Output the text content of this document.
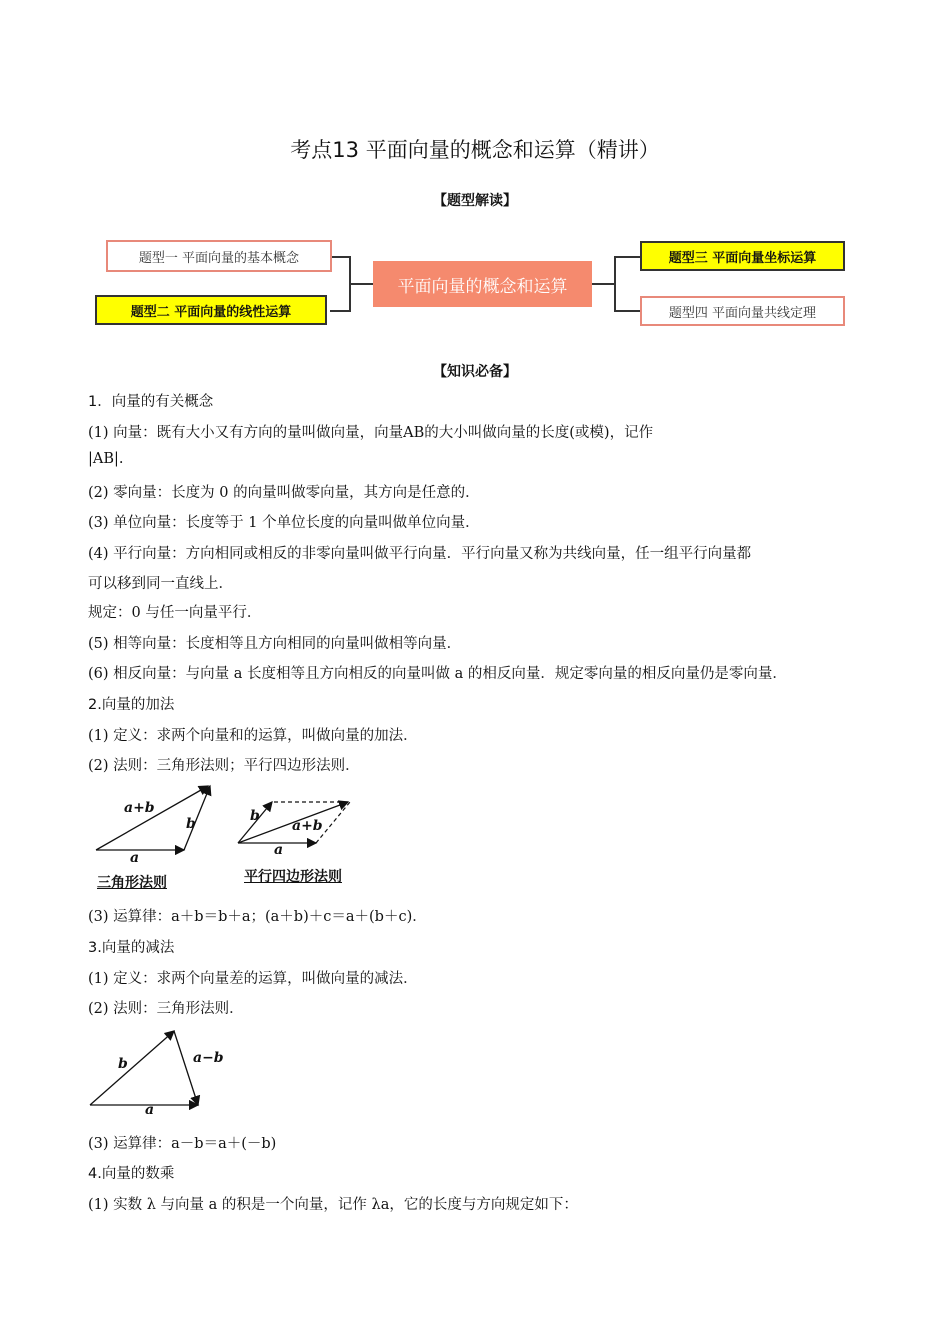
考点13 平面向量的概念和运算（精讲）
【题型解读】
题型一 平面向量的基本概念
题型二 平面向量的线性运算
平面向量的概念和运算
题型三 平面向量坐标运算
题型四 平面向量共线定理
【知识必备】
1．向量的有关概念
(1) 向量：既有大小又有方向的量叫做向量，向量AB的大小叫做向量的长度(或模)，记作
|AB|.
(2) 零向量：长度为 0 的向量叫做零向量，其方向是任意的．
(3) 单位向量：长度等于 1 个单位长度的向量叫做单位向量．
(4) 平行向量：方向相同或相反的非零向量叫做平行向量．平行向量又称为共线向量，任一组平行向量都
可以移到同一直线上．
规定：0 与任一向量平行．
(5) 相等向量：长度相等且方向相同的向量叫做相等向量．
(6) 相反向量：与向量 a 长度相等且方向相反的向量叫做 a 的相反向量．规定零向量的相反向量仍是零向量．
2.向量的加法
(1) 定义：求两个向量和的运算，叫做向量的加法．
(2) 法则：三角形法则；平行四边形法则．
a+b
b
a
三角形法则
b
a+b
a
平行四边形法则
(3) 运算律：a＋b＝b＋a；(a＋b)＋c＝a＋(b＋c)．
3.向量的减法
(1) 定义：求两个向量差的运算，叫做向量的减法．
(2) 法则：三角形法则．
b	a−b
a
(3) 运算律：a－b＝a＋(－b)
4.向量的数乘
(1) 实数 λ 与向量 a 的积是一个向量，记作 λa，它的长度与方向规定如下：
